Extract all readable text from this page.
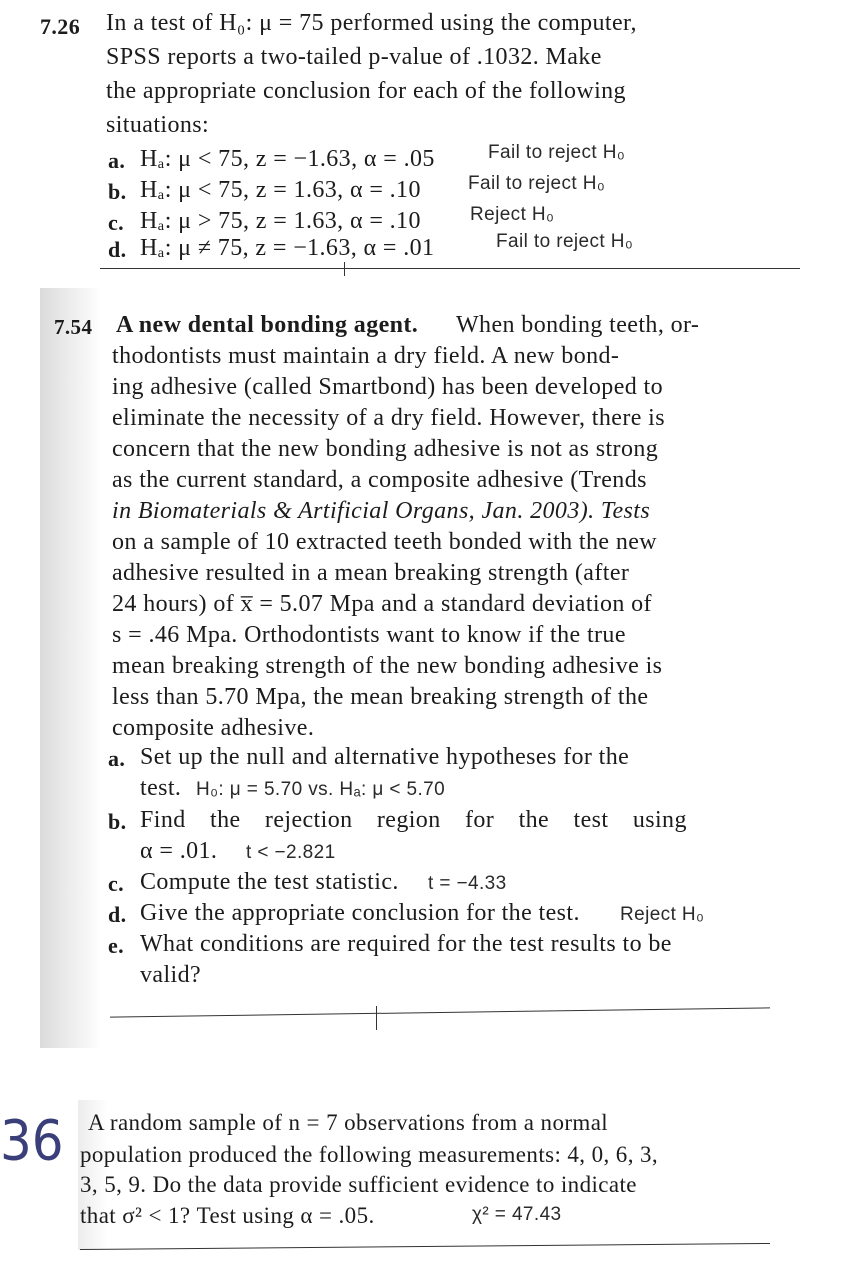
7.26 In a test of H₀: μ = 75 performed using the computer,
SPSS reports a two-tailed p-value of .1032. Make
the appropriate conclusion for each of the following
situations:
a. Hₐ: μ < 75, z = −1.63, α = .05	Fail to reject H₀
b. Hₐ: μ < 75, z = 1.63, α = .10 Fail to reject H₀
c. Hₐ: μ > 75, z = 1.63, α = .10	Reject H₀
d. Hₐ: μ ≠ 75, z = −1.63, α = .01	Fail to reject H₀
7.54 A new dental bonding agent. When bonding teeth, or-
thodontists must maintain a dry field. A new bond-
ing adhesive (called Smartbond) has been developed to
eliminate the necessity of a dry field. However, there is
concern that the new bonding adhesive is not as strong
as the current standard, a composite adhesive (Trends
in Biomaterials & Artificial Organs, Jan. 2003). Tests
on a sample of 10 extracted teeth bonded with the new
adhesive resulted in a mean breaking strength (after
24 hours) of x̅ = 5.07 Mpa and a standard deviation of
s = .46 Mpa. Orthodontists want to know if the true
mean breaking strength of the new bonding adhesive is
less than 5.70 Mpa, the mean breaking strength of the
composite adhesive.
a. Set up the null and alternative hypotheses for the
test. H₀: μ = 5.70 vs. Hₐ: μ < 5.70
b. Find the rejection region for the test using
α = .01. t < −2.821
c. Compute the test statistic. t = −4.33
d. Give the appropriate conclusion for the test. Reject H₀
e. What conditions are required for the test results to be
valid?
36 A random sample of n = 7 observations from a normal
population produced the following measurements: 4, 0, 6, 3,
3, 5, 9. Do the data provide sufficient evidence to indicate
that σ² < 1? Test using α = .05.	χ² = 47.43
